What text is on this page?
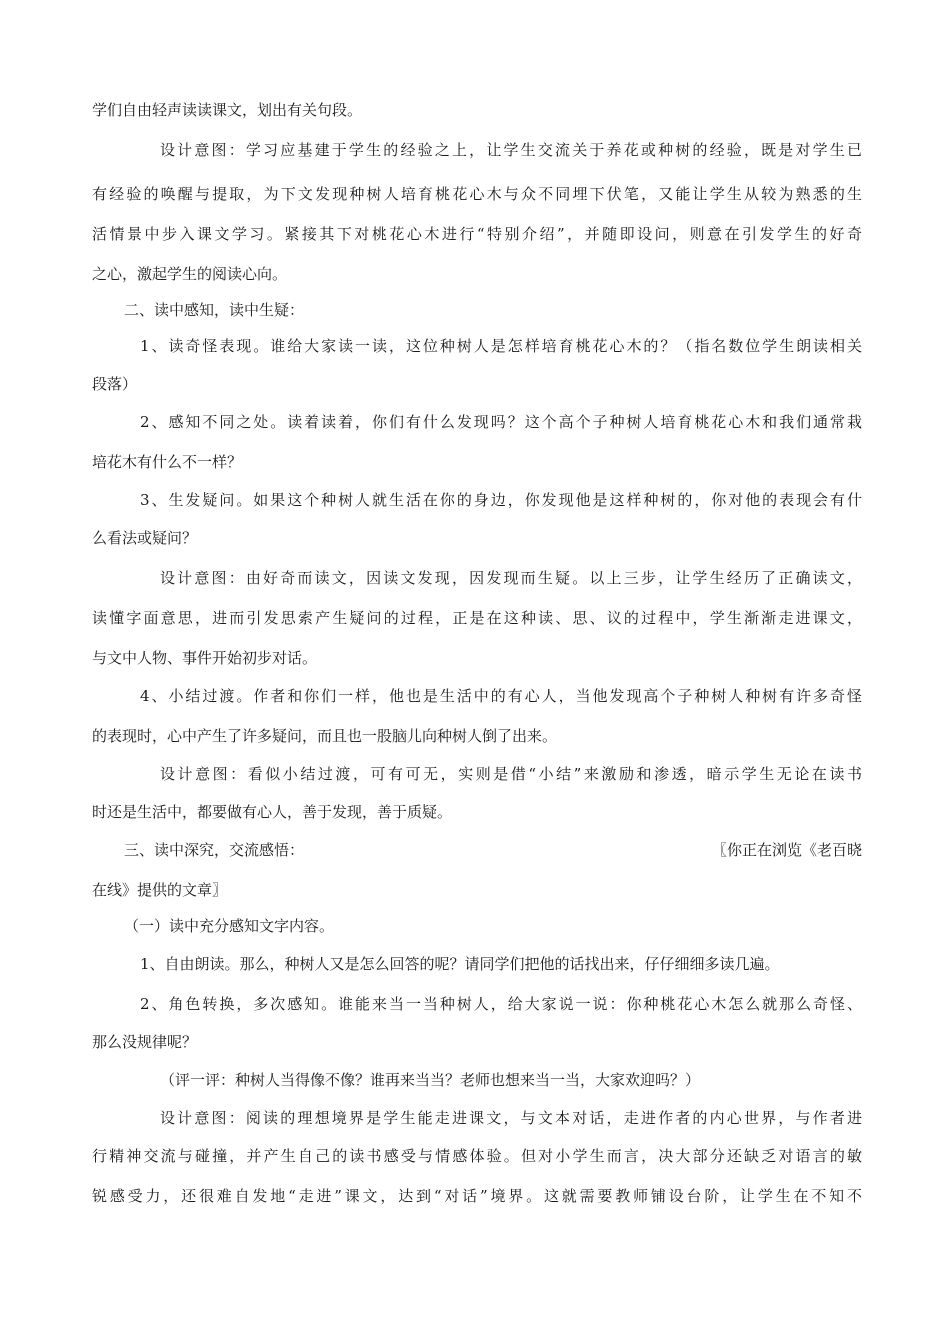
学们自由轻声读读课文，划出有关句段。
设计意图：学习应基建于学生的经验之上，让学生交流关于养花或种树的经验，既是对学生已
有经验的唤醒与提取，为下文发现种树人培育桃花心木与众不同埋下伏笔，又能让学生从较为熟悉的生
活情景中步入课文学习。紧接其下对桃花心木进行“特别介绍”，并随即设问，则意在引发学生的好奇
之心，激起学生的阅读心向。
二、读中感知，读中生疑：
1、读奇怪表现。谁给大家读一读，这位种树人是怎样培育桃花心木的？（指名数位学生朗读相关
段落）
2、感知不同之处。读着读着，你们有什么发现吗？这个高个子种树人培育桃花心木和我们通常栽
培花木有什么不一样？
3、生发疑问。如果这个种树人就生活在你的身边，你发现他是这样种树的，你对他的表现会有什
么看法或疑问？
设计意图：由好奇而读文，因读文发现，因发现而生疑。以上三步，让学生经历了正确读文，
读懂字面意思，进而引发思索产生疑问的过程，正是在这种读、思、议的过程中，学生渐渐走进课文，
与文中人物、事件开始初步对话。
4、小结过渡。作者和你们一样，他也是生活中的有心人，当他发现高个子种树人种树有许多奇怪
的表现时，心中产生了许多疑问，而且也一股脑儿向种树人倒了出来。
设计意图：看似小结过渡，可有可无，实则是借“小结”来激励和渗透，暗示学生无论在读书
时还是生活中，都要做有心人，善于发现，善于质疑。
三、读中深究，交流感悟：	〖你正在浏览《老百晓
在线》提供的文章〗
（一）读中充分感知文字内容。
1、自由朗读。那么，种树人又是怎么回答的呢？请同学们把他的话找出来，仔仔细细多读几遍。
2、角色转换，多次感知。谁能来当一当种树人，给大家说一说：你种桃花心木怎么就那么奇怪、
那么没规律呢？
（评一评：种树人当得像不像？谁再来当当？老师也想来当一当，大家欢迎吗？）
设计意图：阅读的理想境界是学生能走进课文，与文本对话，走进作者的内心世界，与作者进
行精神交流与碰撞，并产生自己的读书感受与情感体验。但对小学生而言，决大部分还缺乏对语言的敏
锐感受力，还很难自发地“走进”课文，达到“对话”境界。这就需要教师铺设台阶，让学生在不知不
